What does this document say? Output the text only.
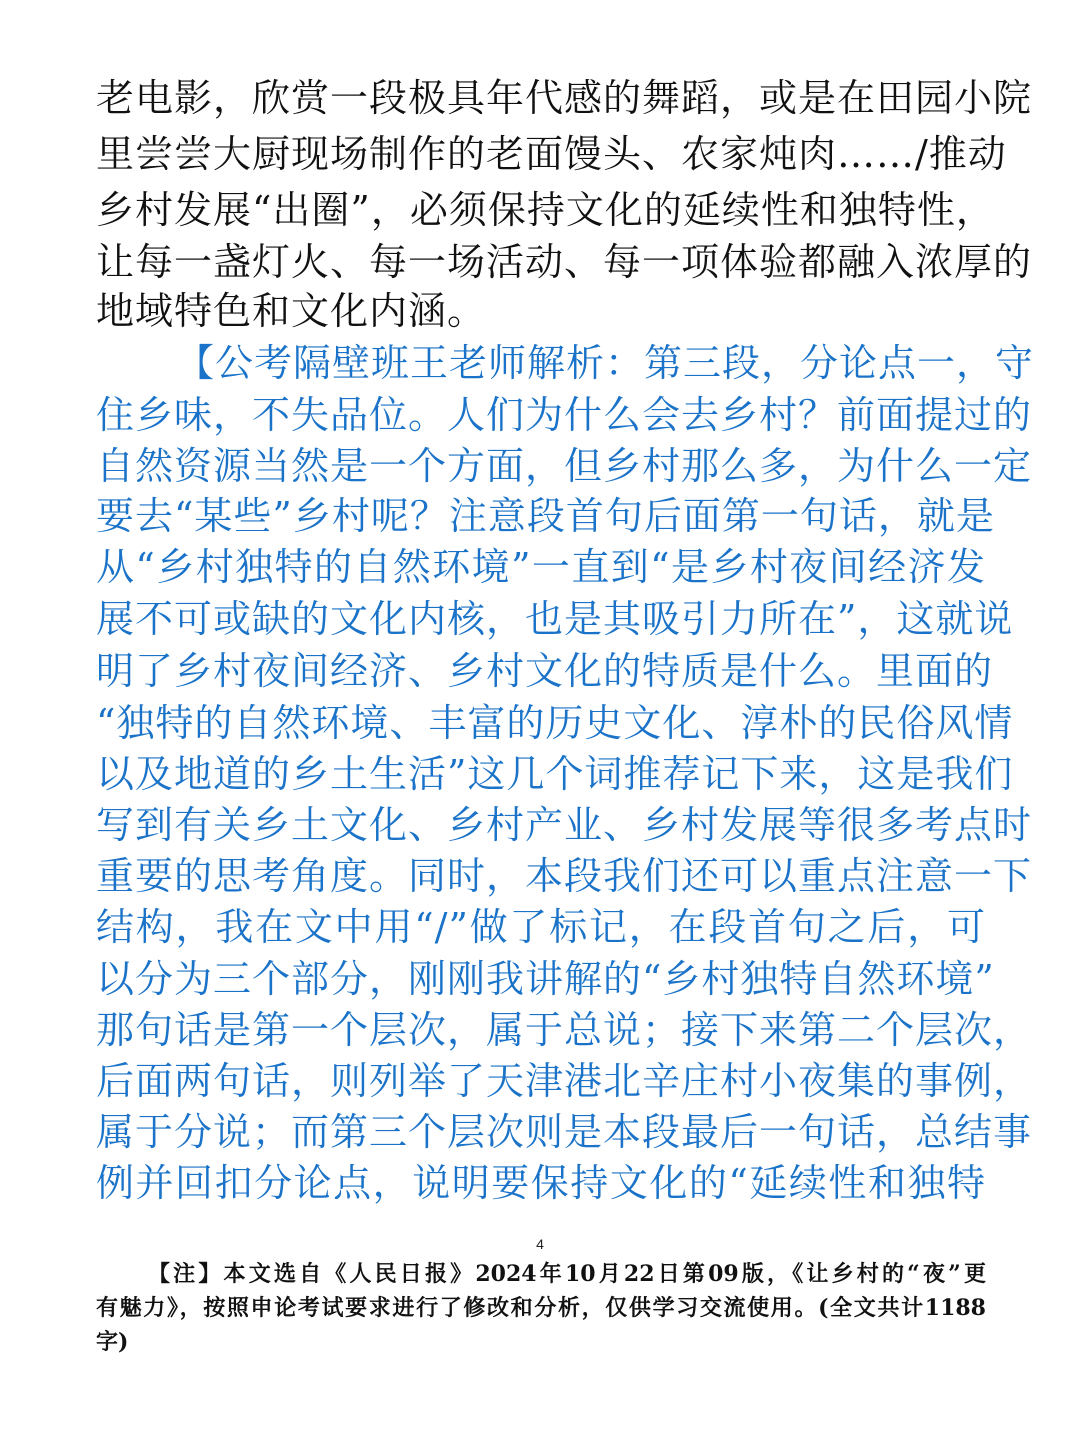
老电影，欣赏一段极具年代感的舞蹈，或是在田园小院
里尝尝大厨现场制作的老面馒头、农家炖肉……/推动
乡村发展“出圈”，必须保持文化的延续性和独特性，
让每一盏灯火、每一场活动、每一项体验都融入浓厚的
地域特色和文化内涵。
【公考隔壁班王老师解析：第三段，分论点一，守
住乡味，不失品位。人们为什么会去乡村？前面提过的
自然资源当然是一个方面，但乡村那么多，为什么一定
要去“某些”乡村呢？注意段首句后面第一句话，就是
从“乡村独特的自然环境”一直到“是乡村夜间经济发
展不可或缺的文化内核，也是其吸引力所在”，这就说
明了乡村夜间经济、乡村文化的特质是什么。里面的
“独特的自然环境、丰富的历史文化、淳朴的民俗风情
以及地道的乡土生活”这几个词推荐记下来，这是我们
写到有关乡土文化、乡村产业、乡村发展等很多考点时
重要的思考角度。同时，本段我们还可以重点注意一下
结构，我在文中用“/”做了标记，在段首句之后，可
以分为三个部分，刚刚我讲解的“乡村独特自然环境”
那句话是第一个层次，属于总说；接下来第二个层次，
后面两句话，则列举了天津港北辛庄村小夜集的事例，
属于分说；而第三个层次则是本段最后一句话，总结事
例并回扣分论点，说明要保持文化的“延续性和独特
4
【注】本文选自《人民日报》2024年10月22日第09版，《让乡村的“夜”更
有魅力》，按照申论考试要求进行了修改和分析，仅供学习交流使用。(全文共计1188
字)
